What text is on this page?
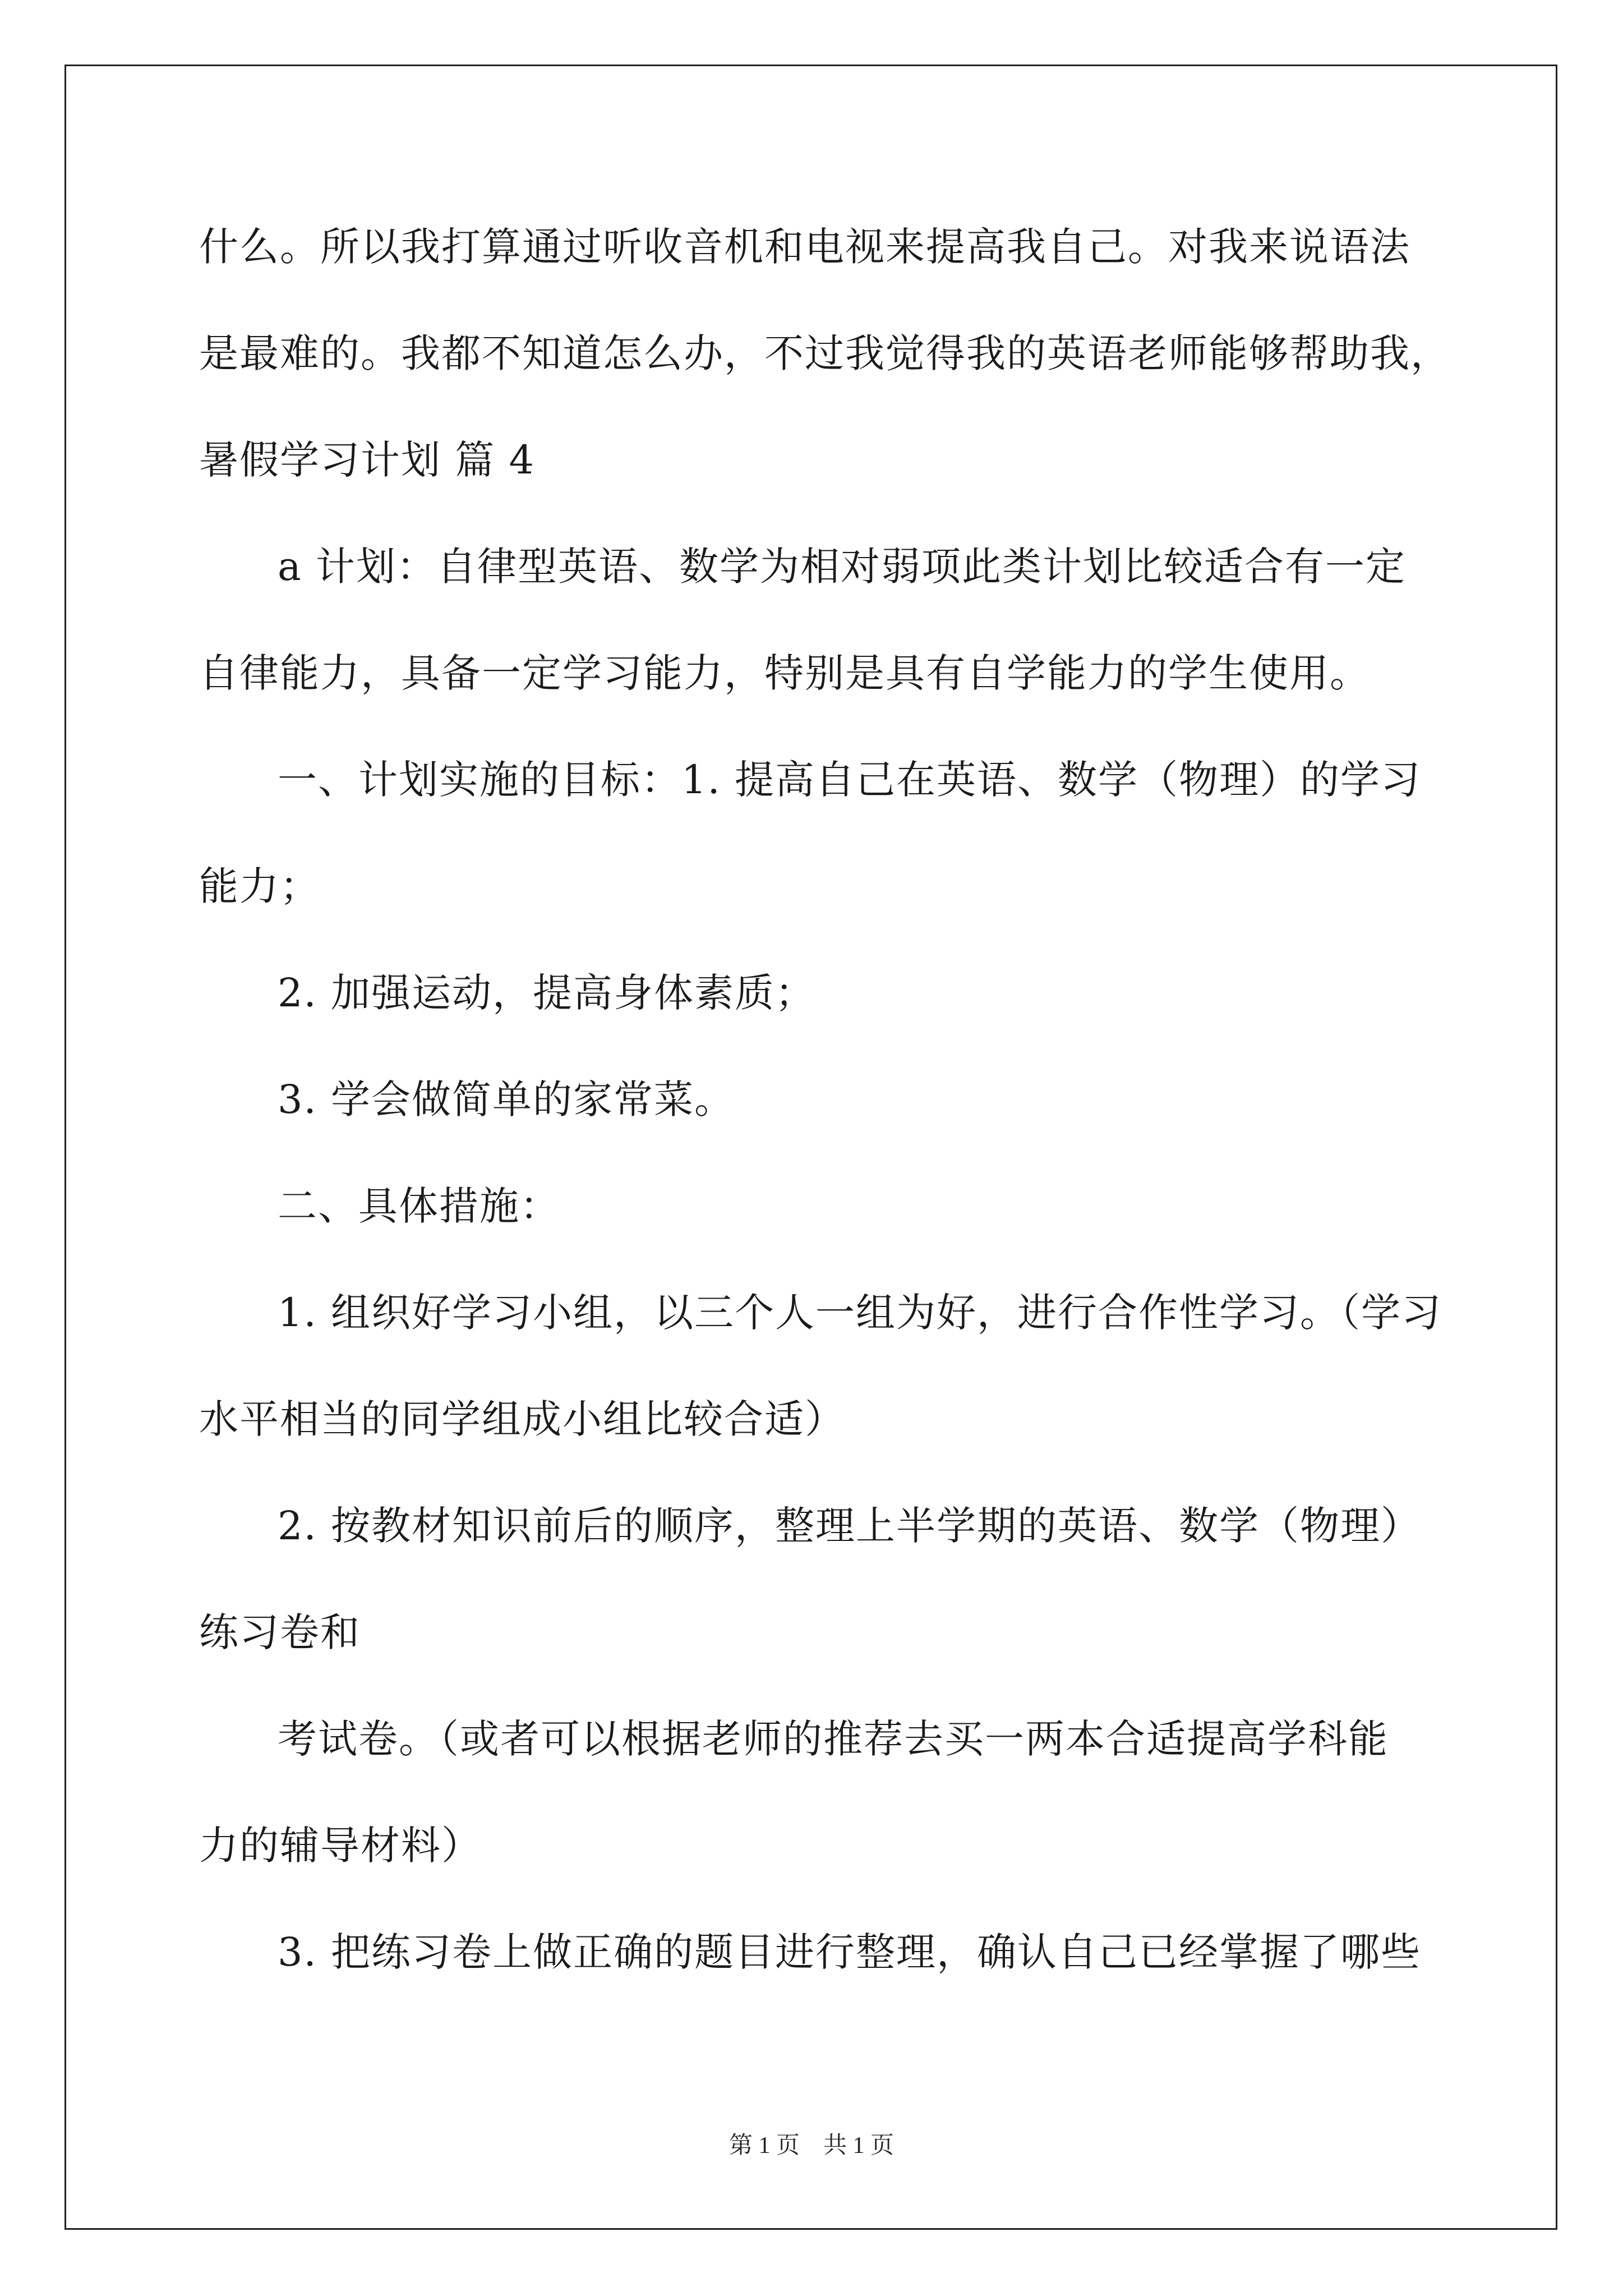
什么。所以我打算通过听收音机和电视来提高我自己。对我来说语法
是最难的。我都不知道怎么办，不过我觉得我的英语老师能够帮助我，
暑假学习计划 篇 4
a 计划：自律型英语、数学为相对弱项此类计划比较适合有一定
自律能力，具备一定学习能力，特别是具有自学能力的学生使用。
一、计划实施的目标：1. 提高自己在英语、数学（物理）的学习
能力；
2. 加强运动，提高身体素质；
3. 学会做简单的家常菜。
二、具体措施：
1. 组织好学习小组，以三个人一组为好，进行合作性学习。（学习
水平相当的同学组成小组比较合适）
2. 按教材知识前后的顺序，整理上半学期的英语、数学（物理）
练习卷和
考试卷。（或者可以根据老师的推荐去买一两本合适提高学科能
力的辅导材料）
3. 把练习卷上做正确的题目进行整理，确认自己已经掌握了哪些
第 1 页　共 1 页
